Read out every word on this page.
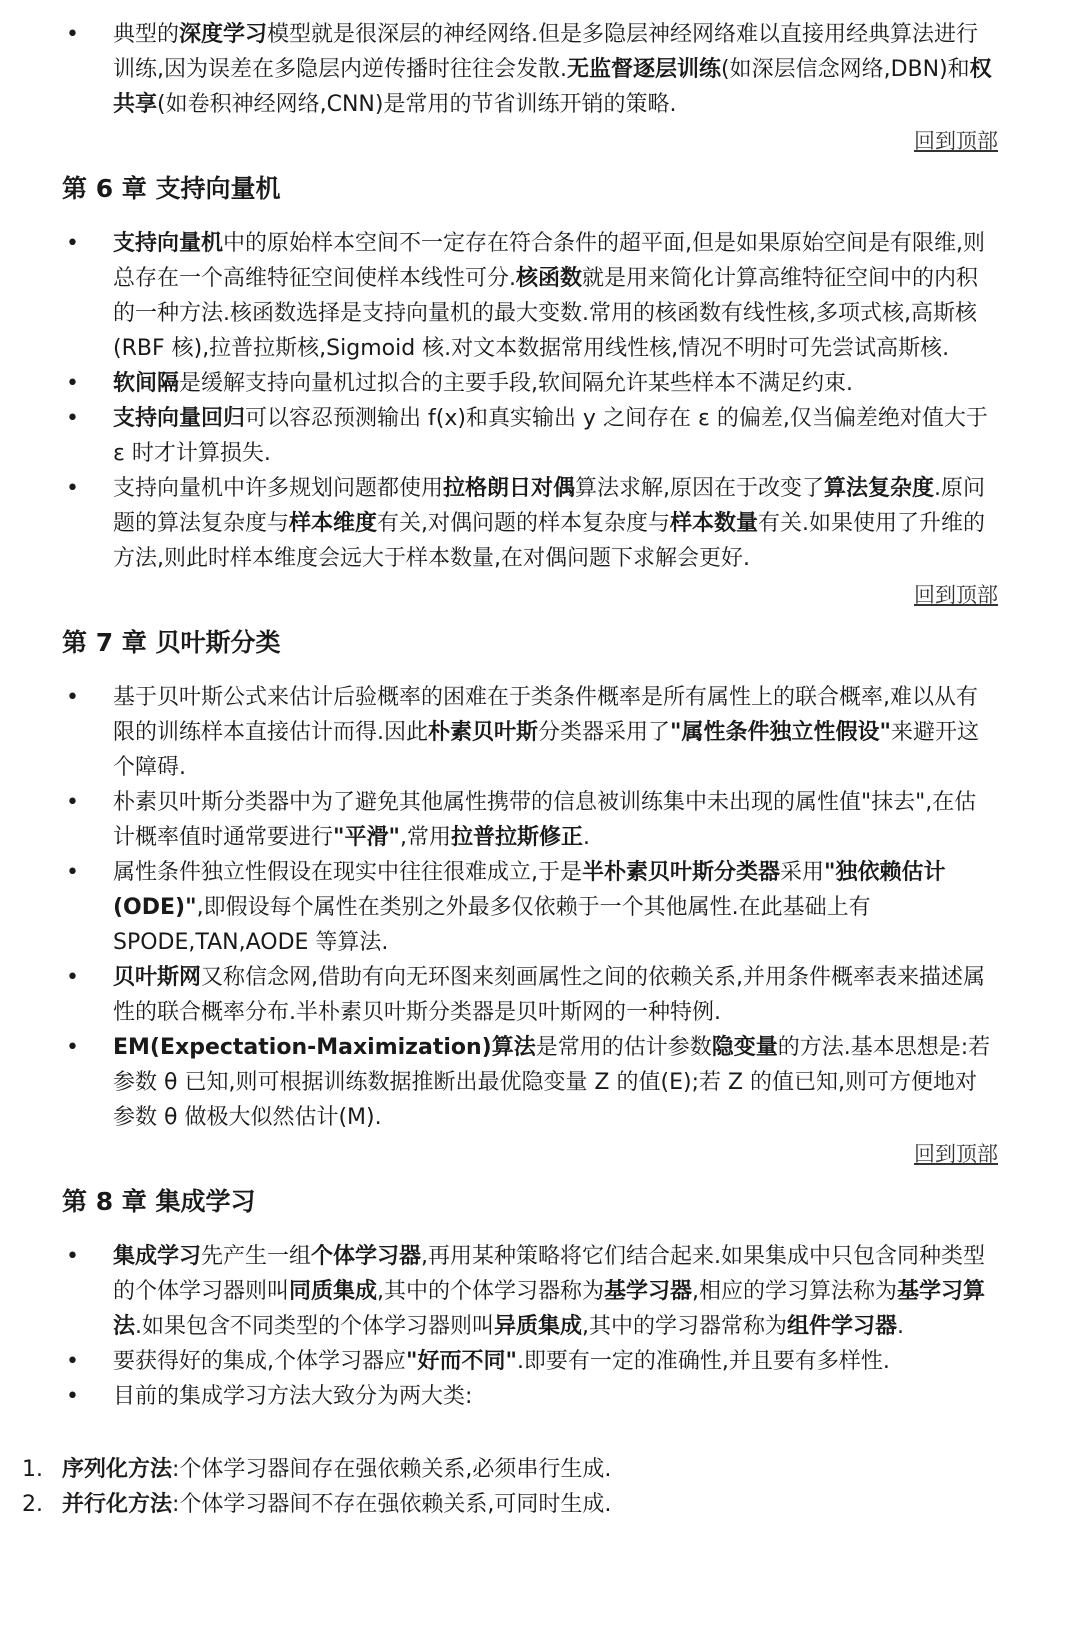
• 典型的深度学习模型就是很深层的神经网络.但是多隐层神经网络难以直接用经典算法进行训练,因为误差在多隐层内逆传播时往往会发散.无监督逐层训练(如深层信念网络,DBN)和权共享(如卷积神经网络,CNN)是常用的节省训练开销的策略.
回到顶部
第 6 章 支持向量机
• 支持向量机中的原始样本空间不一定存在符合条件的超平面,但是如果原始空间是有限维,则总存在一个高维特征空间使样本线性可分.核函数就是用来简化计算高维特征空间中的内积的一种方法.核函数选择是支持向量机的最大变数.常用的核函数有线性核,多项式核,高斯核(RBF 核),拉普拉斯核,Sigmoid 核.对文本数据常用线性核,情况不明时可先尝试高斯核.
• 软间隔是缓解支持向量机过拟合的主要手段,软间隔允许某些样本不满足约束.
• 支持向量回归可以容忍预测输出 f(x)和真实输出 y 之间存在 ε 的偏差,仅当偏差绝对值大于 ε 时才计算损失.
• 支持向量机中许多规划问题都使用拉格朗日对偶算法求解,原因在于改变了算法复杂度.原问题的算法复杂度与样本维度有关,对偶问题的样本复杂度与样本数量有关.如果使用了升维的方法,则此时样本维度会远大于样本数量,在对偶问题下求解会更好.
回到顶部
第 7 章 贝叶斯分类
• 基于贝叶斯公式来估计后验概率的困难在于类条件概率是所有属性上的联合概率,难以从有限的训练样本直接估计而得.因此朴素贝叶斯分类器采用了"属性条件独立性假设"来避开这个障碍.
• 朴素贝叶斯分类器中为了避免其他属性携带的信息被训练集中未出现的属性值"抹去",在估计概率值时通常要进行"平滑",常用拉普拉斯修正.
• 属性条件独立性假设在现实中往往很难成立,于是半朴素贝叶斯分类器采用"独依赖估计(ODE)",即假设每个属性在类别之外最多仅依赖于一个其他属性.在此基础上有 SPODE,TAN,AODE 等算法.
• 贝叶斯网又称信念网,借助有向无环图来刻画属性之间的依赖关系,并用条件概率表来描述属性的联合概率分布.半朴素贝叶斯分类器是贝叶斯网的一种特例.
• EM(Expectation-Maximization)算法是常用的估计参数隐变量的方法.基本思想是:若参数 θ 已知,则可根据训练数据推断出最优隐变量 Z 的值(E);若 Z 的值已知,则可方便地对参数 θ 做极大似然估计(M).
回到顶部
第 8 章 集成学习
• 集成学习先产生一组个体学习器,再用某种策略将它们结合起来.如果集成中只包含同种类型的个体学习器则叫同质集成,其中的个体学习器称为基学习器,相应的学习算法称为基学习算法.如果包含不同类型的个体学习器则叫异质集成,其中的学习器常称为组件学习器.
• 要获得好的集成,个体学习器应"好而不同".即要有一定的准确性,并且要有多样性.
• 目前的集成学习方法大致分为两大类:
1. 序列化方法:个体学习器间存在强依赖关系,必须串行生成.
2. 并行化方法:个体学习器间不存在强依赖关系,可同时生成.
